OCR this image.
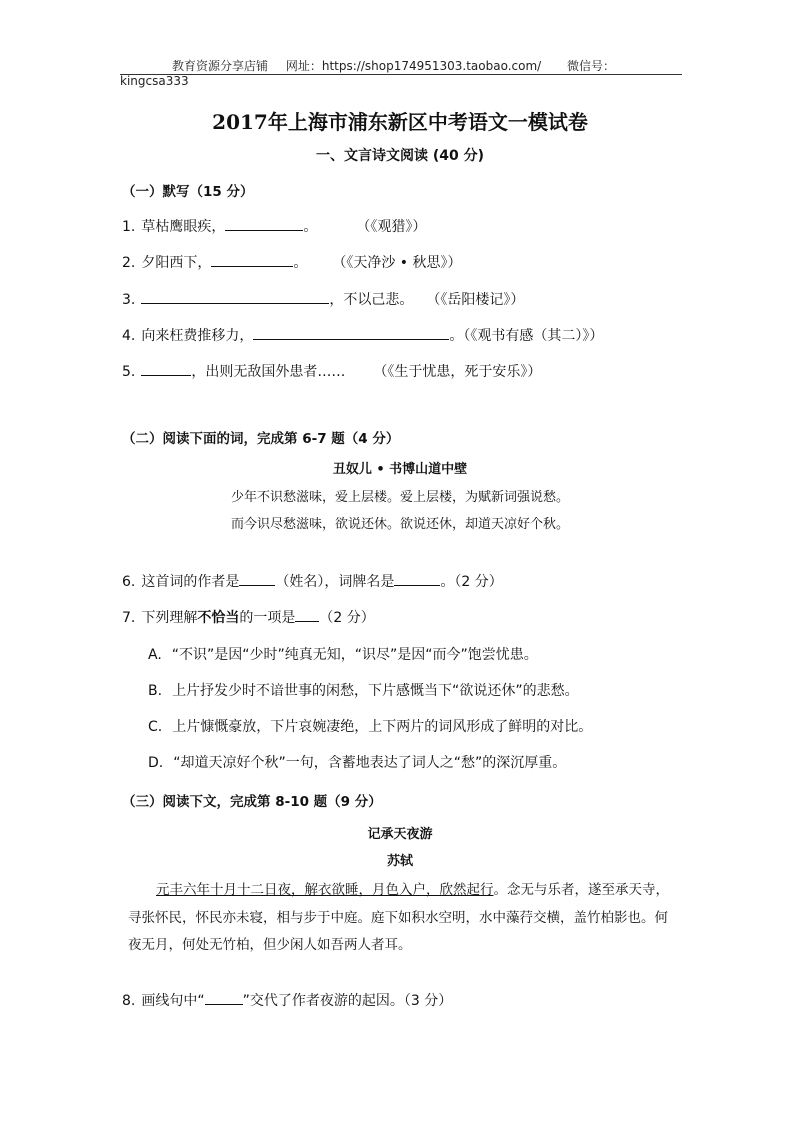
教育资源分享店铺 网址：https://shop174951303.taobao.com/ 微信号：kingcsa333
2017年上海市浦东新区中考语文一模试卷
一、文言诗文阅读 (40 分)
（一）默写（15 分）
1. 草枯鹰眼疾，	。	（《观猎》）
2. 夕阳西下，	。 （《天净沙 • 秋思》）
3.	，不以己悲。 （《岳阳楼记》）
4. 向来枉费推移力，	。（《观书有感（其二）》）
5.	，出则无敌国外患者…… （《生于忧患，死于安乐》）
（二）阅读下面的词，完成第 6-7 题（4 分）
丑奴儿 • 书博山道中壁
少年不识愁滋味，爱上层楼。爱上层楼，为赋新词强说愁。
而今识尽愁滋味，欲说还休。欲说还休，却道天凉好个秋。
6. 这首词的作者是	（姓名），词牌名是	。（2 分）
7. 下列理解不恰当的一项是 （2 分）
A. “不识”是因“少时”纯真无知，“识尽”是因“而今”饱尝忧患。
B. 上片抒发少时不谙世事的闲愁，下片感慨当下“欲说还休”的悲愁。
C. 上片慷慨豪放，下片哀婉凄绝，上下两片的词风形成了鲜明的对比。
D. “却道天凉好个秋”一句，含蓄地表达了词人之“愁”的深沉厚重。
（三）阅读下文，完成第 8-10 题（9 分）
记承天夜游
苏轼
元丰六年十月十二日夜，解衣欲睡，月色入户，欣然起行。念无与乐者，遂至承天寺，
寻张怀民，怀民亦未寝，相与步于中庭。庭下如积水空明，水中藻荇交横，盖竹柏影也。何
夜无月，何处无竹柏，但少闲人如吾两人者耳。
8. 画线句中“	”交代了作者夜游的起因。（3 分）
